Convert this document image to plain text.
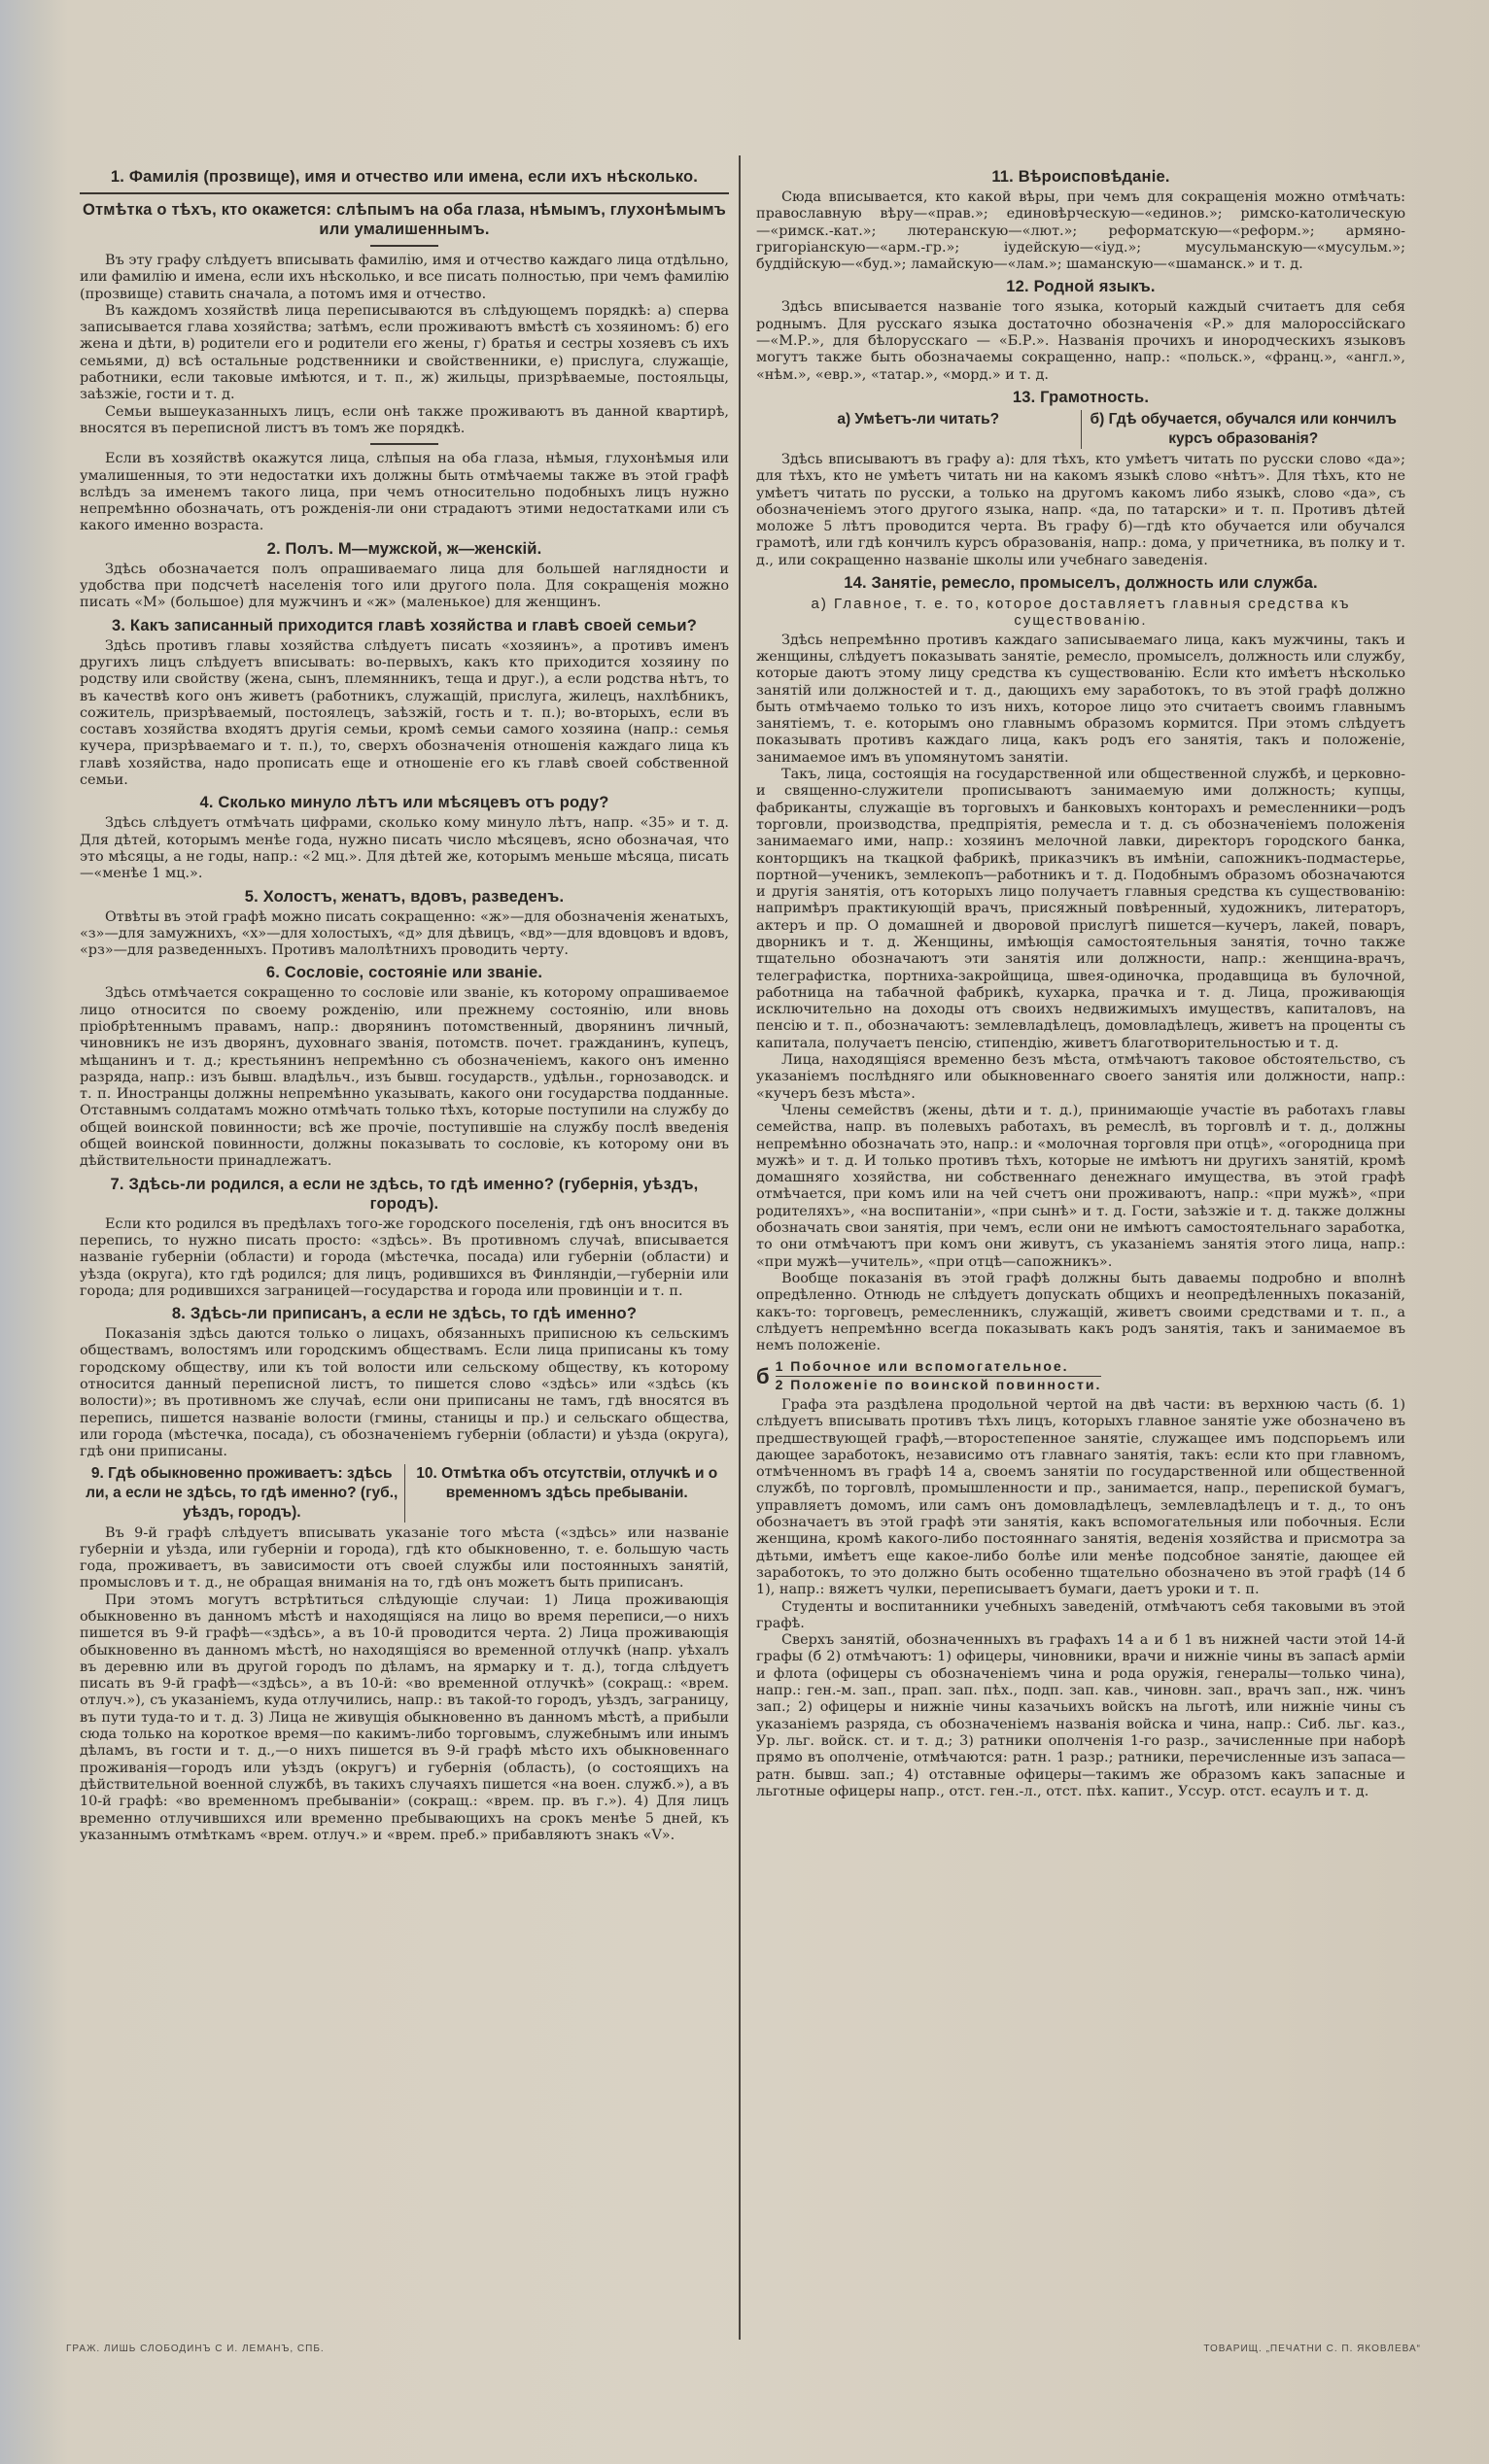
1. Фамилія (прозвище), имя и отчество или имена, если ихъ нѣсколько.
Отмѣтка о тѣхъ, кто окажется: слѣпымъ на оба глаза, нѣмымъ, глухонѣмымъ или умалишеннымъ.

Въ эту графу слѣдуетъ вписывать фамилію, имя и отчество каждаго лица отдѣльно, или фамилію и имена, если ихъ нѣсколько, и все писать полностью, при чемъ фамилію (прозвище) ставить сначала, а потомъ имя и отчество.

Въ каждомъ хозяйствѣ лица переписываются въ слѣдующемъ порядкѣ: а) сперва записывается глава хозяйства; затѣмъ, если проживаютъ вмѣстѣ съ хозяиномъ: б) его жена и дѣти, в) родители его и родители его жены, г) братья и сестры хозяевъ съ ихъ семьями, д) всѣ остальные родственники и свойственники, е) прислуга, служащіе, работники, если таковые имѣются, и т. п., ж) жильцы, призрѣваемые, постояльцы, заѣзжіе, гости и т. д.

Семьи вышеуказанныхъ лицъ, если онѣ также проживаютъ въ данной квартирѣ, вносятся въ переписной листъ въ томъ же порядкѣ.

Если въ хозяйствѣ окажутся лица, слѣпыя на оба глаза, нѣмыя, глухонѣмыя или умалишенныя, то эти недостатки ихъ должны быть отмѣчаемы также въ этой графѣ вслѣдъ за именемъ такого лица, при чемъ относительно подобныхъ лицъ нужно непремѣнно обозначать, отъ рожденія-ли они страдаютъ этими недостатками или съ какого именно возраста.

2. Полъ. М—мужской, ж—женскій.

Здѣсь обозначается полъ опрашиваемаго лица для большей наглядности и удобства при подсчетѣ населенія того или другого пола. Для сокращенія можно писать «М» (большое) для мужчинъ и «ж» (маленькое) для женщинъ.

3. Какъ записанный приходится главѣ хозяйства и главѣ своей семьи?

Здѣсь противъ главы хозяйства слѣдуетъ писать «хозяинъ», а противъ именъ другихъ лицъ слѣдуетъ вписывать: во-первыхъ, какъ кто приходится хозяину по родству или свойству (жена, сынъ, племянникъ, теща и друг.), а если родства нѣтъ, то въ качествѣ кого онъ живетъ (работникъ, служащій, прислуга, жилецъ, нахлѣбникъ, сожитель, призрѣваемый, постоялецъ, заѣзжій, гость и т. п.); во-вторыхъ, если въ составъ хозяйства входятъ другія семьи, кромѣ семьи самого хозяина (напр.: семья кучера, призрѣваемаго и т. п.), то, сверхъ обозначенія отношенія каждаго лица къ главѣ хозяйства, надо прописать еще и отношеніе его къ главѣ своей собственной семьи.

4. Сколько минуло лѣтъ или мѣсяцевъ отъ роду?

Здѣсь слѣдуетъ отмѣчать цифрами, сколько кому минуло лѣтъ, напр. «35» и т. д. Для дѣтей, которымъ менѣе года, нужно писать число мѣсяцевъ, ясно обозначая, что это мѣсяцы, а не годы, напр.: «2 мц.». Для дѣтей же, которымъ меньше мѣсяца, писать—«менѣе 1 мц.».

5. Холостъ, женатъ, вдовъ, разведенъ.

Отвѣты въ этой графѣ можно писать сокращенно: «ж»—для обозначенія женатыхъ, «з»—для замужнихъ, «х»—для холостыхъ, «д» для дѣвицъ, «вд»—для вдовцовъ и вдовъ, «рз»—для разведенныхъ. Противъ малолѣтнихъ проводить черту.

6. Сословіе, состояніе или званіе.

Здѣсь отмѣчается сокращенно то сословіе или званіе, къ которому опрашиваемое лицо относится по своему рожденію, или прежнему состоянію, или вновь пріобрѣтеннымъ правамъ, напр.: дворянинъ потомственный, дворянинъ личный, чиновникъ не изъ дворянъ, духовнаго званія, потомств. почет. гражданинъ, купецъ, мѣщанинъ и т. д.; крестьянинъ непремѣнно съ обозначеніемъ, какого онъ именно разряда, напр.: изъ бывш. владѣльч., изъ бывш. государств., удѣльн., горнозаводск. и т. п. Иностранцы должны непремѣнно указывать, какого они государства подданные. Отставнымъ солдатамъ можно отмѣчать только тѣхъ, которые поступили на службу до общей воинской повинности; всѣ же прочіе, поступившіе на службу послѣ введенія общей воинской повинности, должны показывать то сословіе, къ которому они въ дѣйствительности принадлежатъ.

7. Здѣсь-ли родился, а если не здѣсь, то гдѣ именно? (губернія, уѣздъ, городъ).

Если кто родился въ предѣлахъ того-же городского поселенія, гдѣ онъ вносится въ перепись, то нужно писать просто: «здѣсь». Въ противномъ случаѣ, вписывается названіе губерніи (области) и города (мѣстечка, посада) или губерніи (области) и уѣзда (округа), кто гдѣ родился; для лицъ, родившихся въ Финляндіи,—губерніи или города; для родившихся заграницей—государства и города или провинціи и т. п.

8. Здѣсь-ли приписанъ, а если не здѣсь, то гдѣ именно?

Показанія здѣсь даются только о лицахъ, обязанныхъ приписною къ сельскимъ обществамъ, волостямъ или городскимъ обществамъ. Если лица приписаны къ тому городскому обществу, или къ той волости или сельскому обществу, къ которому относится данный переписной листъ, то пишется слово «здѣсь» или «здѣсь (къ волости)»; въ противномъ же случаѣ, если они приписаны не тамъ, гдѣ вносятся въ перепись, пишется названіе волости (гмины, станицы и пр.) и сельскаго общества, или города (мѣстечка, посада), съ обозначеніемъ губерніи (области) и уѣзда (округа), гдѣ они приписаны.

9. Гдѣ обыкновенно проживаетъ: здѣсь ли, а если не здѣсь, то гдѣ именно? (губ., уѣздъ, городъ).
10. Отмѣтка объ отсутствіи, отлучкѣ и о временномъ здѣсь пребываніи.

Въ 9-й графѣ слѣдуетъ вписывать указаніе того мѣста («здѣсь» или названіе губерніи и уѣзда, или губерніи и города), гдѣ кто обыкновенно, т. е. большую часть года, проживаетъ, въ зависимости отъ своей службы или постоянныхъ занятій, промысловъ и т. д., не обращая вниманія на то, гдѣ онъ можетъ быть приписанъ.

При этомъ могутъ встрѣтиться слѣдующіе случаи: 1) Лица проживающія обыкновенно въ данномъ мѣстѣ и находящіяся на лицо во время переписи,—о нихъ пишется въ 9-й графѣ—«здѣсь», а въ 10-й проводится черта. 2) Лица проживающія обыкновенно въ данномъ мѣстѣ, но находящіяся во временной отлучкѣ (напр. уѣхалъ въ деревню или въ другой городъ по дѣламъ, на ярмарку и т. д.), тогда слѣдуетъ писать въ 9-й графѣ—«здѣсь», а въ 10-й: «во временной отлучкѣ» (сокращ.: «врем. отлуч.»), съ указаніемъ, куда отлучились, напр.: въ такой-то городъ, уѣздъ, заграницу, въ пути туда-то и т. д. 3) Лица не живущія обыкновенно въ данномъ мѣстѣ, а прибыли сюда только на короткое время—по какимъ-либо торговымъ, служебнымъ или инымъ дѣламъ, въ гости и т. д.,—о нихъ пишется въ 9-й графѣ мѣсто ихъ обыкновеннаго проживанія—городъ или уѣздъ (округъ) и губернія (область), (о состоящихъ на дѣйствительной военной службѣ, въ такихъ случаяхъ пишется «на воен. служб.»), а въ 10-й графѣ: «во временномъ пребываніи» (сокращ.: «врем. пр. въ г.»). 4) Для лицъ временно отлучившихся или временно пребывающихъ на срокъ менѣе 5 дней, къ указаннымъ отмѣткамъ «врем. отлуч.» и «врем. преб.» прибавляютъ знакъ «V».

11. Вѣроисповѣданіе.

Сюда вписывается, кто какой вѣры, при чемъ для сокращенія можно отмѣчать: православную вѣру—«прав.»; единовѣрческую—«единов.»; римско-католическую—«римск.-кат.»; лютеранскую—«лют.»; реформатскую—«реформ.»; армяно-григоріанскую—«арм.-гр.»; іудейскую—«іуд.»; мусульманскую—«мусульм.»; буддійскую—«буд.»; ламайскую—«лам.»; шаманскую—«шаманск.» и т. д.

12. Родной языкъ.

Здѣсь вписывается названіе того языка, который каждый считаетъ для себя роднымъ. Для русскаго языка достаточно обозначенія «Р.» для малороссійскаго—«М.Р.», для бѣлорусскаго — «Б.Р.». Названія прочихъ и инородческихъ языковъ могутъ также быть обозначаемы сокращенно, напр.: «польск.», «франц.», «англ.», «нѣм.», «евр.», «татар.», «морд.» и т. д.

13. Грамотность.
а) Умѣетъ-ли читать?	б) Гдѣ обучается, обучался или кончилъ курсъ образованія?

Здѣсь вписываютъ въ графу а): для тѣхъ, кто умѣетъ читать по русски слово «да»; для тѣхъ, кто не умѣетъ читать ни на какомъ языкѣ слово «нѣтъ». Для тѣхъ, кто не умѣетъ читать по русски, а только на другомъ какомъ либо языкѣ, слово «да», съ обозначеніемъ этого другого языка, напр. «да, по татарски» и т. п. Противъ дѣтей моложе 5 лѣтъ проводится черта. Въ графу б)—гдѣ кто обучается или обучался грамотѣ, или гдѣ кончилъ курсъ образованія, напр.: дома, у причетника, въ полку и т. д., или сокращенно названіе школы или учебнаго заведенія.

14. Занятіе, ремесло, промыселъ, должность или служба.
а) Главное, т. е. то, которое доставляетъ главныя средства къ существованію.

Здѣсь непремѣнно противъ каждаго записываемаго лица, какъ мужчины, такъ и женщины, слѣдуетъ показывать занятіе, ремесло, промыселъ, должность или службу, которые даютъ этому лицу средства къ существованію. Если кто имѣетъ нѣсколько занятій или должностей и т. д., дающихъ ему заработокъ, то въ этой графѣ должно быть отмѣчаемо только то изъ нихъ, которое лицо это считаетъ своимъ главнымъ занятіемъ, т. е. которымъ оно главнымъ образомъ кормится. При этомъ слѣдуетъ показывать противъ каждаго лица, какъ родъ его занятія, такъ и положеніе, занимаемое имъ въ упомянутомъ занятіи.

Такъ, лица, состоящія на государственной или общественной службѣ, и церковно- и священно-служители прописываютъ занимаемую ими должность; купцы, фабриканты, служащіе въ торговыхъ и банковыхъ конторахъ и ремесленники—родъ торговли, производства, предпріятія, ремесла и т. д. съ обозначеніемъ положенія занимаемаго ими, напр.: хозяинъ мелочной лавки, директоръ городского банка, конторщикъ на ткацкой фабрикѣ, приказчикъ въ имѣніи, сапожникъ-подмастерье, портной—ученикъ, землекопъ—работникъ и т. д. Подобнымъ образомъ обозначаются и другія занятія, отъ которыхъ лицо получаетъ главныя средства къ существованію: напримѣръ практикующій врачъ, присяжный повѣренный, художникъ, литераторъ, актеръ и пр. О домашней и дворовой прислугѣ пишется—кучеръ, лакей, поваръ, дворникъ и т. д. Женщины, имѣющія самостоятельныя занятія, точно также тщательно обозначаютъ эти занятія или должности, напр.: женщина-врачъ, телеграфистка, портниха-закройщица, швея-одиночка, продавщица въ булочной, работница на табачной фабрикѣ, кухарка, прачка и т. д. Лица, проживающія исключительно на доходы отъ своихъ недвижимыхъ имуществъ, капиталовъ, на пенсію и т. п., обозначаютъ: землевладѣлецъ, домовладѣлецъ, живетъ на проценты съ капитала, получаетъ пенсію, стипендію, живетъ благотворительностью и т. д.

Лица, находящіяся временно безъ мѣста, отмѣчаютъ таковое обстоятельство, съ указаніемъ послѣдняго или обыкновеннаго своего занятія или должности, напр.: «кучеръ безъ мѣста».

Члены семействъ (жены, дѣти и т. д.), принимающіе участіе въ работахъ главы семейства, напр. въ полевыхъ работахъ, въ ремеслѣ, въ торговлѣ и т. д., должны непремѣнно обозначать это, напр.: и «молочная торговля при отцѣ», «огородница при мужѣ» и т. д. И только противъ тѣхъ, которые не имѣютъ ни другихъ занятій, кромѣ домашняго хозяйства, ни собственнаго денежнаго имущества, въ этой графѣ отмѣчается, при комъ или на чей счетъ они проживаютъ, напр.: «при мужѣ», «при родителяхъ», «на воспитаніи», «при сынѣ» и т. д. Гости, заѣзжіе и т. д. также должны обозначать свои занятія, при чемъ, если они не имѣютъ самостоятельнаго заработка, то они отмѣчаютъ при комъ они живутъ, съ указаніемъ занятія этого лица, напр.: «при мужѣ—учитель», «при отцѣ—сапожникъ».

Вообще показанія въ этой графѣ должны быть даваемы подробно и вполнѣ опредѣленно. Отнюдь не слѣдуетъ допускать общихъ и неопредѣленныхъ показаній, какъ-то: торговецъ, ремесленникъ, служащій, живетъ своими средствами и т. п., а слѣдуетъ непремѣнно всегда показывать какъ родъ занятія, такъ и занимаемое въ немъ положеніе.

б 1 Побочное или вспомогательное.
2 Положеніе по воинской повинности.

Графа эта раздѣлена продольной чертой на двѣ части: въ верхнюю часть (б. 1) слѣдуетъ вписывать противъ тѣхъ лицъ, которыхъ главное занятіе уже обозначено въ предшествующей графѣ,—второстепенное занятіе, служащее имъ подспорьемъ или дающее заработокъ, независимо отъ главнаго занятія, такъ: если кто при главномъ, отмѣченномъ въ графѣ 14 а, своемъ занятіи по государственной или общественной службѣ, по торговлѣ, промышленности и пр., занимается, напр., перепиской бумагъ, управляетъ домомъ, или самъ онъ домовладѣлецъ, землевладѣлецъ и т. д., то онъ обозначаетъ въ этой графѣ эти занятія, какъ вспомогательныя или побочныя. Если женщина, кромѣ какого-либо постояннаго занятія, веденія хозяйства и присмотра за дѣтьми, имѣетъ еще какое-либо болѣе или менѣе подсобное занятіе, дающее ей заработокъ, то это должно быть особенно тщательно обозначено въ этой графѣ (14 б 1), напр.: вяжетъ чулки, переписываетъ бумаги, даетъ уроки и т. п.

Студенты и воспитанники учебныхъ заведеній, отмѣчаютъ себя таковыми въ этой графѣ.

Сверхъ занятій, обозначенныхъ въ графахъ 14 а и б 1 въ нижней части этой 14-й графы (б 2) отмѣчаютъ: 1) офицеры, чиновники, врачи и нижніе чины въ запасѣ арміи и флота (офицеры съ обозначеніемъ чина и рода оружія, генералы—только чина), напр.: ген.-м. зап., прап. зап. пѣх., подп. зап. кав., чиновн. зап., врачъ зап., нж. чинъ зап.; 2) офицеры и нижніе чины казачьихъ войскъ на льготѣ, или нижніе чины съ указаніемъ разряда, съ обозначеніемъ названія войска и чина, напр.: Сиб. льг. каз., Ур. льг. войск. ст. и т. д.; 3) ратники ополченія 1-го разр., зачисленные при наборѣ прямо въ ополченіе, отмѣчаются: ратн. 1 разр.; ратники, перечисленные изъ запаса—ратн. бывш. зап.; 4) отставные офицеры—такимъ же образомъ какъ запасные и льготные офицеры напр., отст. ген.-л., отст. пѣх. капит., Уссур. отст. есаулъ и т. д.

ГРАЖ. ЛИШЬ СЛОБОДИНЪ С И. ЛЕМАНЪ, СПБ.	ТОВАРИЩ. „ПЕЧАТНИ С. П. ЯКОВЛЕВА“
